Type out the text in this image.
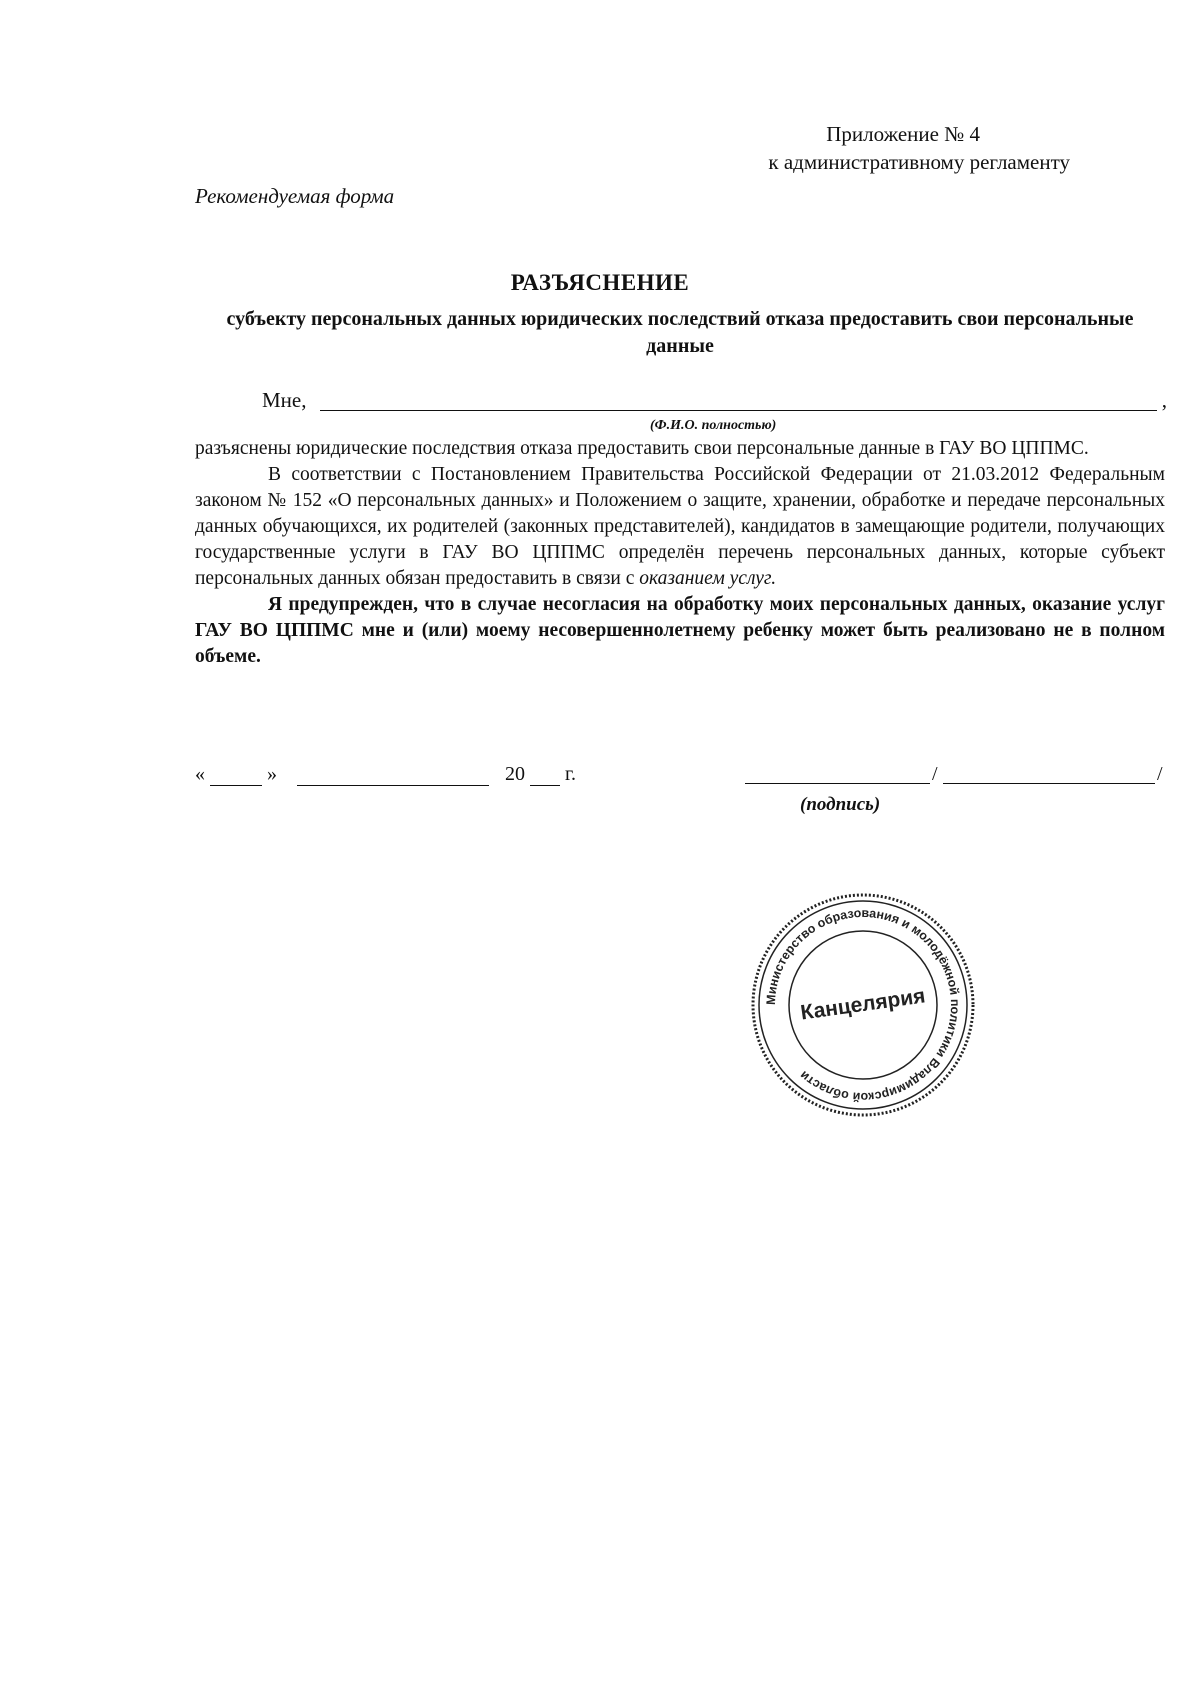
Приложение № 4
к административному регламенту
Рекомендуемая форма
РАЗЪЯСНЕНИЕ
субъекту персональных данных юридических последствий отказа предоставить свои персональные данные
Мне,	,
(Ф.И.О. полностью)

разъяснены юридические последствия отказа предоставить свои персональные данные в ГАУ ВО ЦППМС.

В соответствии с Постановлением Правительства Российской Федерации от 21.03.2012 Федеральным законом № 152 «О персональных данных» и Положением о защите, хранении, обработке и передаче персональных данных обучающихся, их родителей (законных представителей), кандидатов в замещающие родители, получающих государственные услуги в ГАУ ВО ЦППМС определён перечень персональных данных, которые субъект персональных данных обязан предоставить в связи с оказанием услуг.

Я предупрежден, что в случае несогласия на обработку моих персональных данных, оказание услуг ГАУ ВО ЦППМС мне и (или) моему несовершеннолетнему ребенку может быть реализовано не в полном объеме.

«	»	20 г.	/	/
(подпись)
Министерство образования и молодёжной политики Владимирской области
Канцелярия
